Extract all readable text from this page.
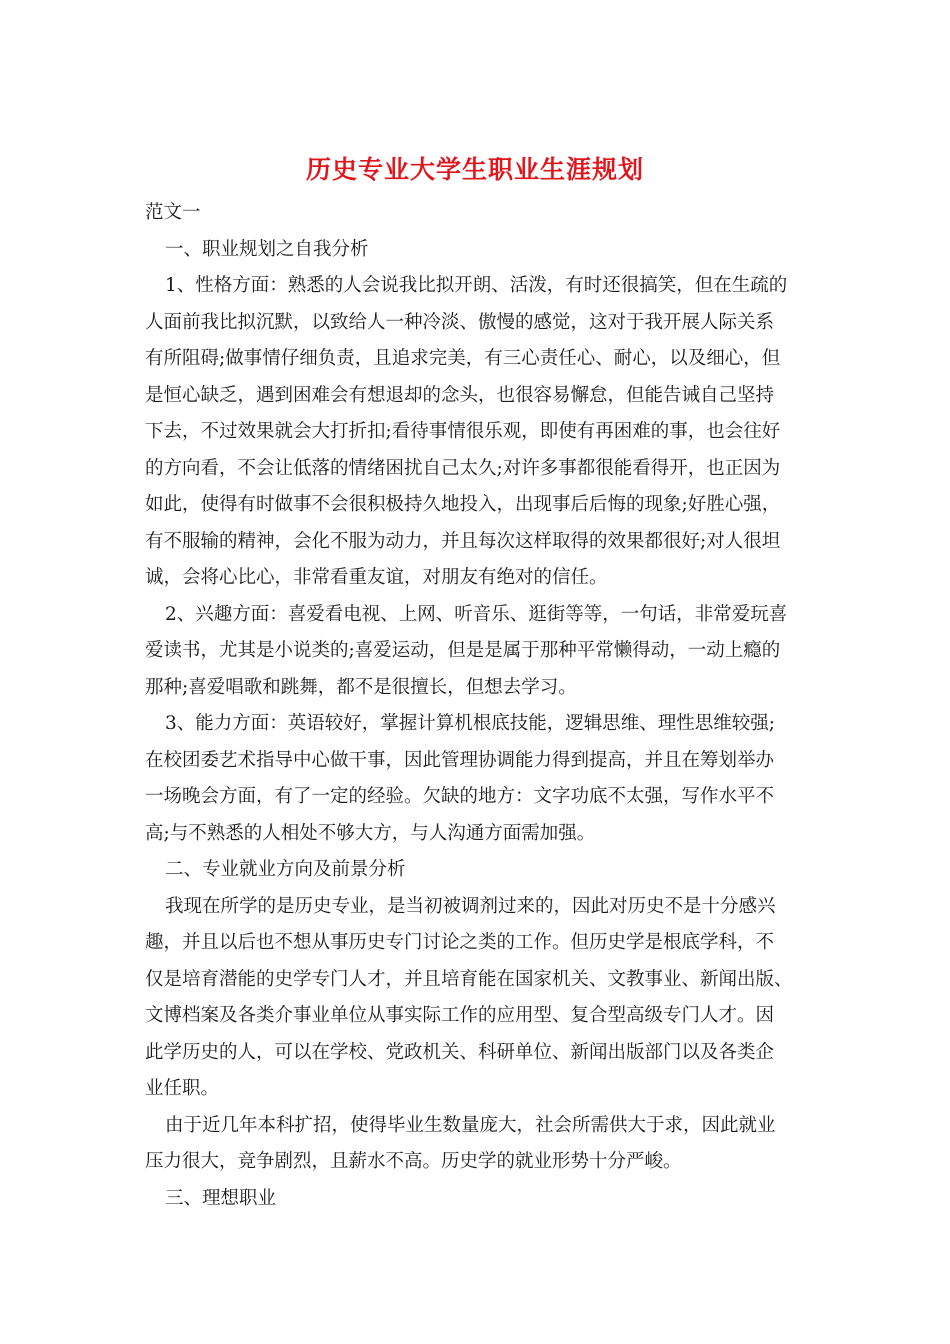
历史专业大学生职业生涯规划
范文一
一、职业规划之自我分析
1、性格方面：熟悉的人会说我比拟开朗、活泼，有时还很搞笑，但在生疏的
人面前我比拟沉默，以致给人一种冷淡、傲慢的感觉，这对于我开展人际关系
有所阻碍;做事情仔细负责，且追求完美，有三心责任心、耐心，以及细心，但
是恒心缺乏，遇到困难会有想退却的念头，也很容易懈怠，但能告诫自己坚持
下去，不过效果就会大打折扣;看待事情很乐观，即使有再困难的事，也会往好
的方向看，不会让低落的情绪困扰自己太久;对许多事都很能看得开，也正因为
如此，使得有时做事不会很积极持久地投入，出现事后后悔的现象;好胜心强，
有不服输的精神，会化不服为动力，并且每次这样取得的效果都很好;对人很坦
诚，会将心比心，非常看重友谊，对朋友有绝对的信任。
2、兴趣方面：喜爱看电视、上网、听音乐、逛街等等，一句话，非常爱玩喜
爱读书，尤其是小说类的;喜爱运动，但是是属于那种平常懒得动，一动上瘾的
那种;喜爱唱歌和跳舞，都不是很擅长，但想去学习。
3、能力方面：英语较好，掌握计算机根底技能，逻辑思维、理性思维较强;
在校团委艺术指导中心做干事，因此管理协调能力得到提高，并且在筹划举办
一场晚会方面，有了一定的经验。欠缺的地方：文字功底不太强，写作水平不
高;与不熟悉的人相处不够大方，与人沟通方面需加强。
二、专业就业方向及前景分析
我现在所学的是历史专业，是当初被调剂过来的，因此对历史不是十分感兴
趣，并且以后也不想从事历史专门讨论之类的工作。但历史学是根底学科，不
仅是培育潜能的史学专门人才，并且培育能在国家机关、文教事业、新闻出版、
文博档案及各类介事业单位从事实际工作的应用型、复合型高级专门人才。因
此学历史的人，可以在学校、党政机关、科研单位、新闻出版部门以及各类企
业任职。
由于近几年本科扩招，使得毕业生数量庞大，社会所需供大于求，因此就业
压力很大，竞争剧烈，且薪水不高。历史学的就业形势十分严峻。
三、理想职业
